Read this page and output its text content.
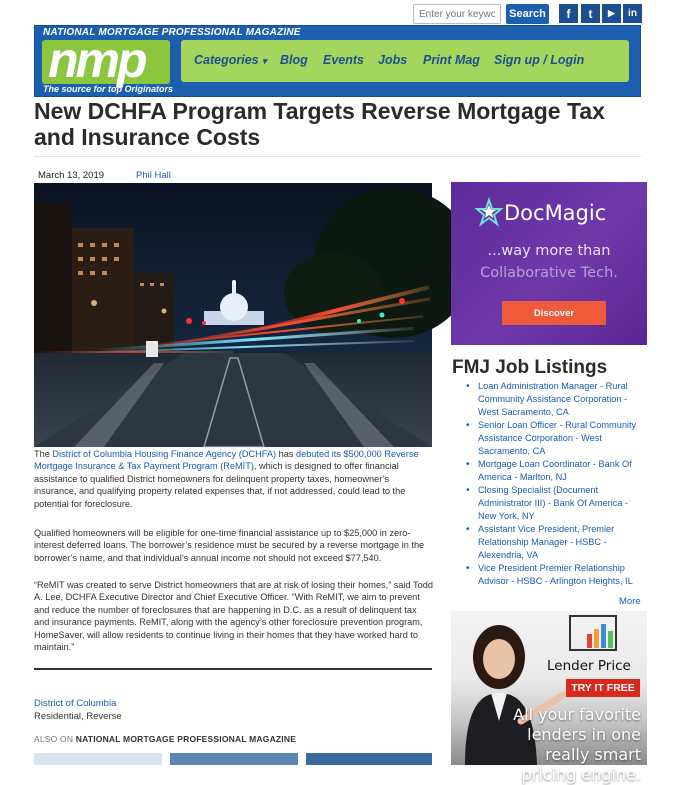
Enter your keyword
Search	f	t	▶	in
NATIONAL MORTGAGE PROFESSIONAL MAGAZINE
nmp
The source for top Originators
Categories ▾ Blog Events Jobs Print Mag Sign up / Login
New DCHFA Program Targets Reverse Mortgage Tax and Insurance Costs
March 13, 2019	Phil Hall

The District of Columbia Housing Finance Agency (DCHFA) has debuted its $500,000 Reverse Mortgage Insurance & Tax Payment Program (ReMIT), which is designed to offer financial assistance to qualified District homeowners for delinquent property taxes, homeowner’s insurance, and qualifying property related expenses that, if not addressed, could lead to the potential for foreclosure.

Qualified homeowners will be eligible for one-time financial assistance up to $25,000 in zero-interest deferred loans. The borrower’s residence must be secured by a reverse mortgage in the borrower’s name, and that individual’s annual income not should not exceed $77,540.

“ReMIT was created to serve District homeowners that are at risk of losing their homes,” said Todd A. Lee, DCHFA Executive Director and Chief Executive Officer. “With ReMIT, we aim to prevent and reduce the number of foreclosures that are happening in D.C. as a result of delinquent tax and insurance payments. ReMIT, along with the agency’s other foreclosure prevention program, HomeSaver, will allow residents to continue living in their homes that they have worked hard to maintain.”

District of Columbia
Residential, Reverse
ALSO ON NATIONAL MORTGAGE PROFESSIONAL MAGAZINE
DocMagic
...way more than
Collaborative Tech.
Discover
FMJ Job Listings
• Loan Administration Manager - Rural Community Assistance Corporation - West Sacramento, CA
• Senior Loan Officer - Rural Community Assistance Corporation - West Sacramento, CA
• Mortgage Loan Coordinator - Bank Of America - Marlton, NJ
• Closing Specialist (Document Administrator III) - Bank Of America - New York, NY
• Assistant Vice President, Premier Relationship Manager - HSBC - Alexendria, VA
• Vice President Premier Relationship Advisor - HSBC - Arlington Heights, IL
More
Lender Price
TRY IT FREE
All your favorite lenders in one really smart pricing engine.
